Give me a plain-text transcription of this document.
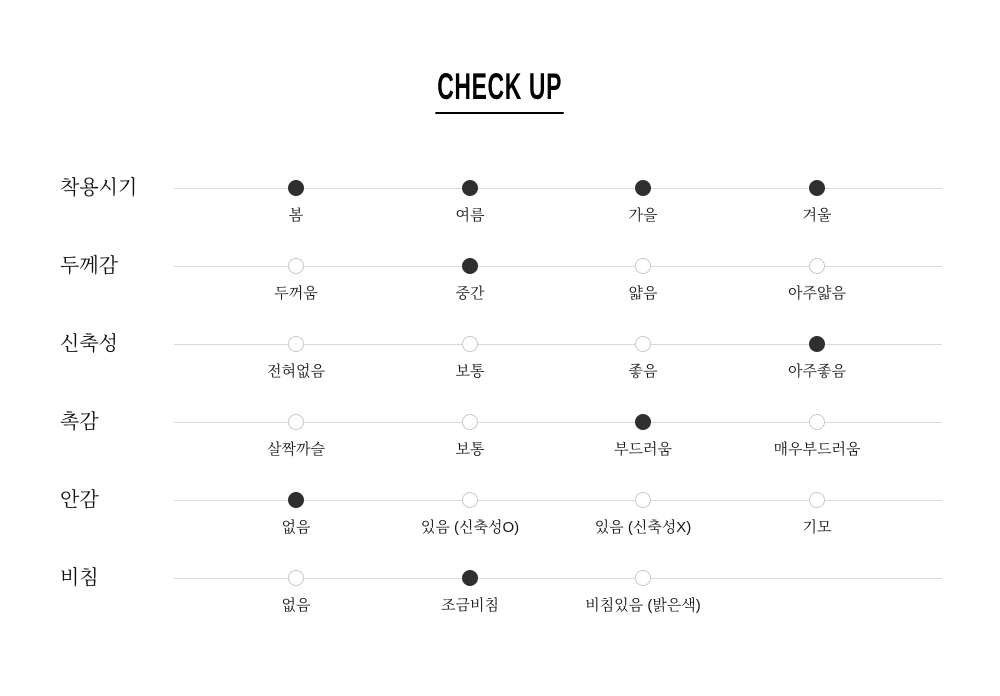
CHECK UP
착용시기
봄	여름	가을	겨울
두께감
두꺼움	중간	얇음	아주얇음
신축성
전혀없음	보통	좋음	아주좋음
촉감
살짝까슬	보통	부드러움	매우부드러움
안감
없음	있음 (신축성O)	있음 (신축성X)	기모
비침
없음	조금비침	비침있음 (밝은색)
